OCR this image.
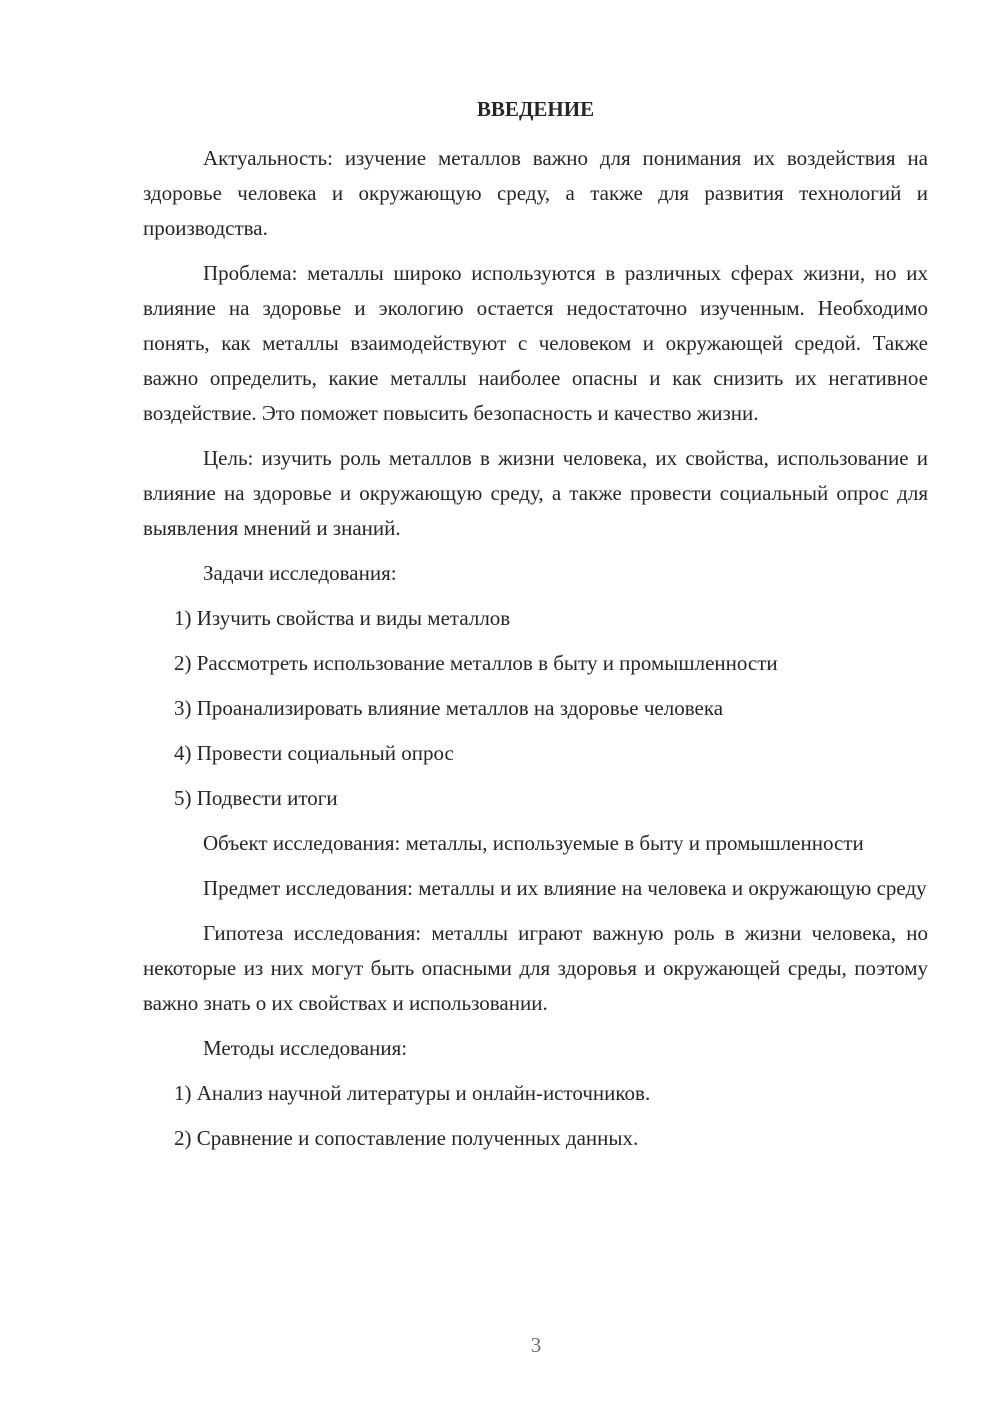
ВВЕДЕНИЕ

Актуальность: изучение металлов важно для понимания их воздействия на здоровье человека и окружающую среду, а также для развития технологий и производства.

Проблема: металлы широко используются в различных сферах жизни, но их влияние на здоровье и экологию остается недостаточно изученным. Необходимо понять, как металлы взаимодействуют с человеком и окружающей средой. Также важно определить, какие металлы наиболее опасны и как снизить их негативное воздействие. Это поможет повысить безопасность и качество жизни.

Цель: изучить роль металлов в жизни человека, их свойства, использование и влияние на здоровье и окружающую среду, а также провести социальный опрос для выявления мнений и знаний.

Задачи исследования:

1) Изучить свойства и виды металлов

2) Рассмотреть использование металлов в быту и промышленности

3) Проанализировать влияние металлов на здоровье человека

4) Провести социальный опрос

5) Подвести итоги

Объект исследования: металлы, используемые в быту и промышленности

Предмет исследования: металлы и их влияние на человека и окружающую среду

Гипотеза исследования: металлы играют важную роль в жизни человека, но некоторые из них могут быть опасными для здоровья и окружающей среды, поэтому важно знать о их свойствах и использовании.

Методы исследования:

1) Анализ научной литературы и онлайн-источников.

2) Сравнение и сопоставление полученных данных.

3
